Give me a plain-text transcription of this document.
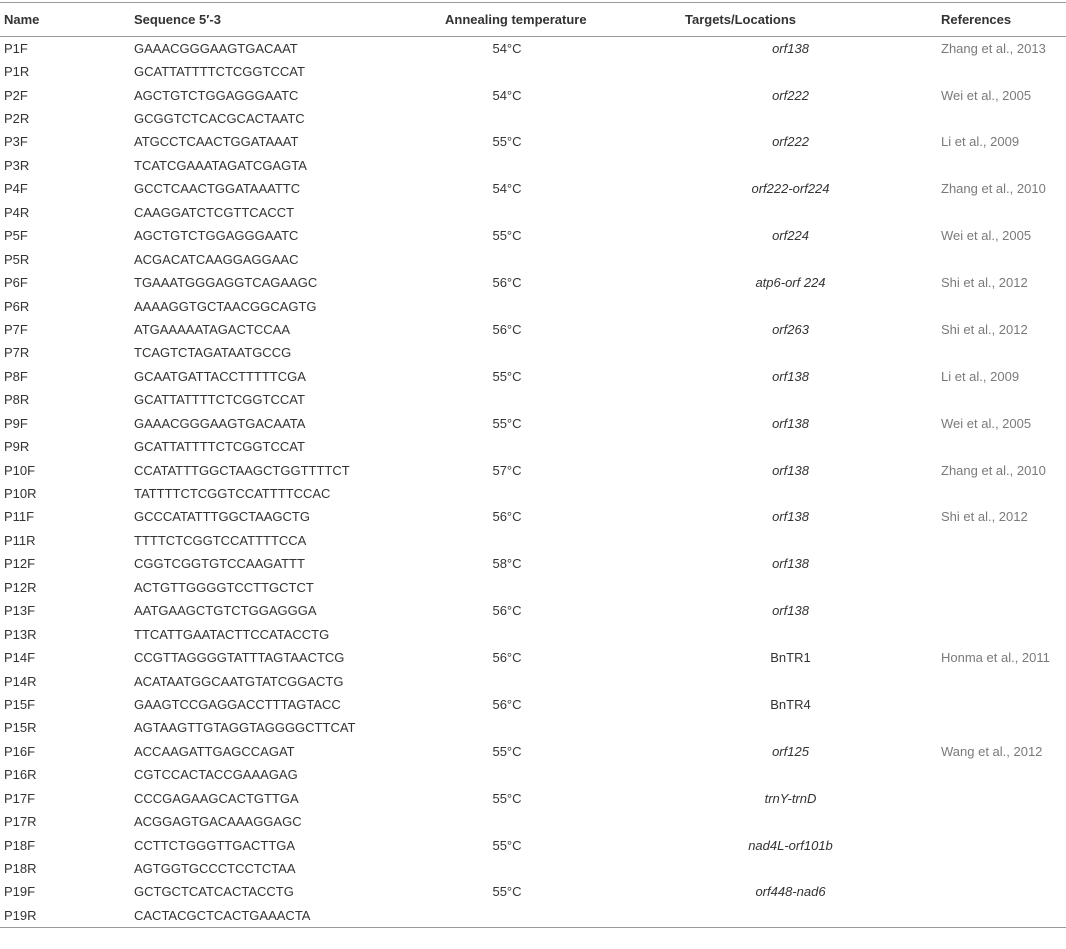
Name	Sequence 5′-3	Annealing temperature	Targets/Locations	References
P1F	GAAACGGGAAGTGACAAT	54°C	orf138	Zhang et al., 2013
P1R	GCATTATTTTCTCGGTCCAT			
P2F	AGCTGTCTGGAGGGAATC	54°C	orf222	Wei et al., 2005
P2R	GCGGTCTCACGCACTAATC			
P3F	ATGCCTCAACTGGATAAAT	55°C	orf222	Li et al., 2009
P3R	TCATCGAAATAGATCGAGTA			
P4F	GCCTCAACTGGATAAATTC	54°C	orf222-orf224	Zhang et al., 2010
P4R	CAAGGATCTCGTTCACCT			
P5F	AGCTGTCTGGAGGGAATC	55°C	orf224	Wei et al., 2005
P5R	ACGACATCAAGGAGGAAC			
P6F	TGAAATGGGAGGTCAGAAGC	56°C	atp6-orf 224	Shi et al., 2012
P6R	AAAAGGTGCTAACGGCAGTG			
P7F	ATGAAAAATAGACTCCAA	56°C	orf263	Shi et al., 2012
P7R	TCAGTCTAGATAATGCCG			
P8F	GCAATGATTACCTTTTTCGA	55°C	orf138	Li et al., 2009
P8R	GCATTATTTTCTCGGTCCAT			
P9F	GAAACGGGAAGTGACAATA	55°C	orf138	Wei et al., 2005
P9R	GCATTATTTTCTCGGTCCAT			
P10F	CCATATTTGGCTAAGCTGGTTTTCT	57°C	orf138	Zhang et al., 2010
P10R	TATTTTCTCGGTCCATTTTCCAC			
P11F	GCCCATATTTGGCTAAGCTG	56°C	orf138	Shi et al., 2012
P11R	TTTTCTCGGTCCATTTTCCA			
P12F	CGGTCGGTGTCCAAGATTT	58°C	orf138	
P12R	ACTGTTGGGGTCCTTGCTCT			
P13F	AATGAAGCTGTCTGGAGGGA	56°C	orf138	
P13R	TTCATTGAATACTTCCATACCTG			
P14F	CCGTTAGGGGTATTTAGTAACTCG	56°C	BnTR1	Honma et al., 2011
P14R	ACATAATGGCAATGTATCGGACTG			
P15F	GAAGTCCGAGGACCTTTAGTACC	56°C	BnTR4	
P15R	AGTAAGTTGTAGGTAGGGGCTTCAT			
P16F	ACCAAGATTGAGCCAGAT	55°C	orf125	Wang et al., 2012
P16R	CGTCCACTACCGAAAGAG			
P17F	CCCGAGAAGCACTGTTGA	55°C	trnY-trnD	
P17R	ACGGAGTGACAAAGGAGC			
P18F	CCTTCTGGGTTGACTTGA	55°C	nad4L-orf101b	
P18R	AGTGGTGCCCTCCTCTAA			
P19F	GCTGCTCATCACTACCTG	55°C	orf448-nad6	
P19R	CACTACGCTCACTGAAACTA			
